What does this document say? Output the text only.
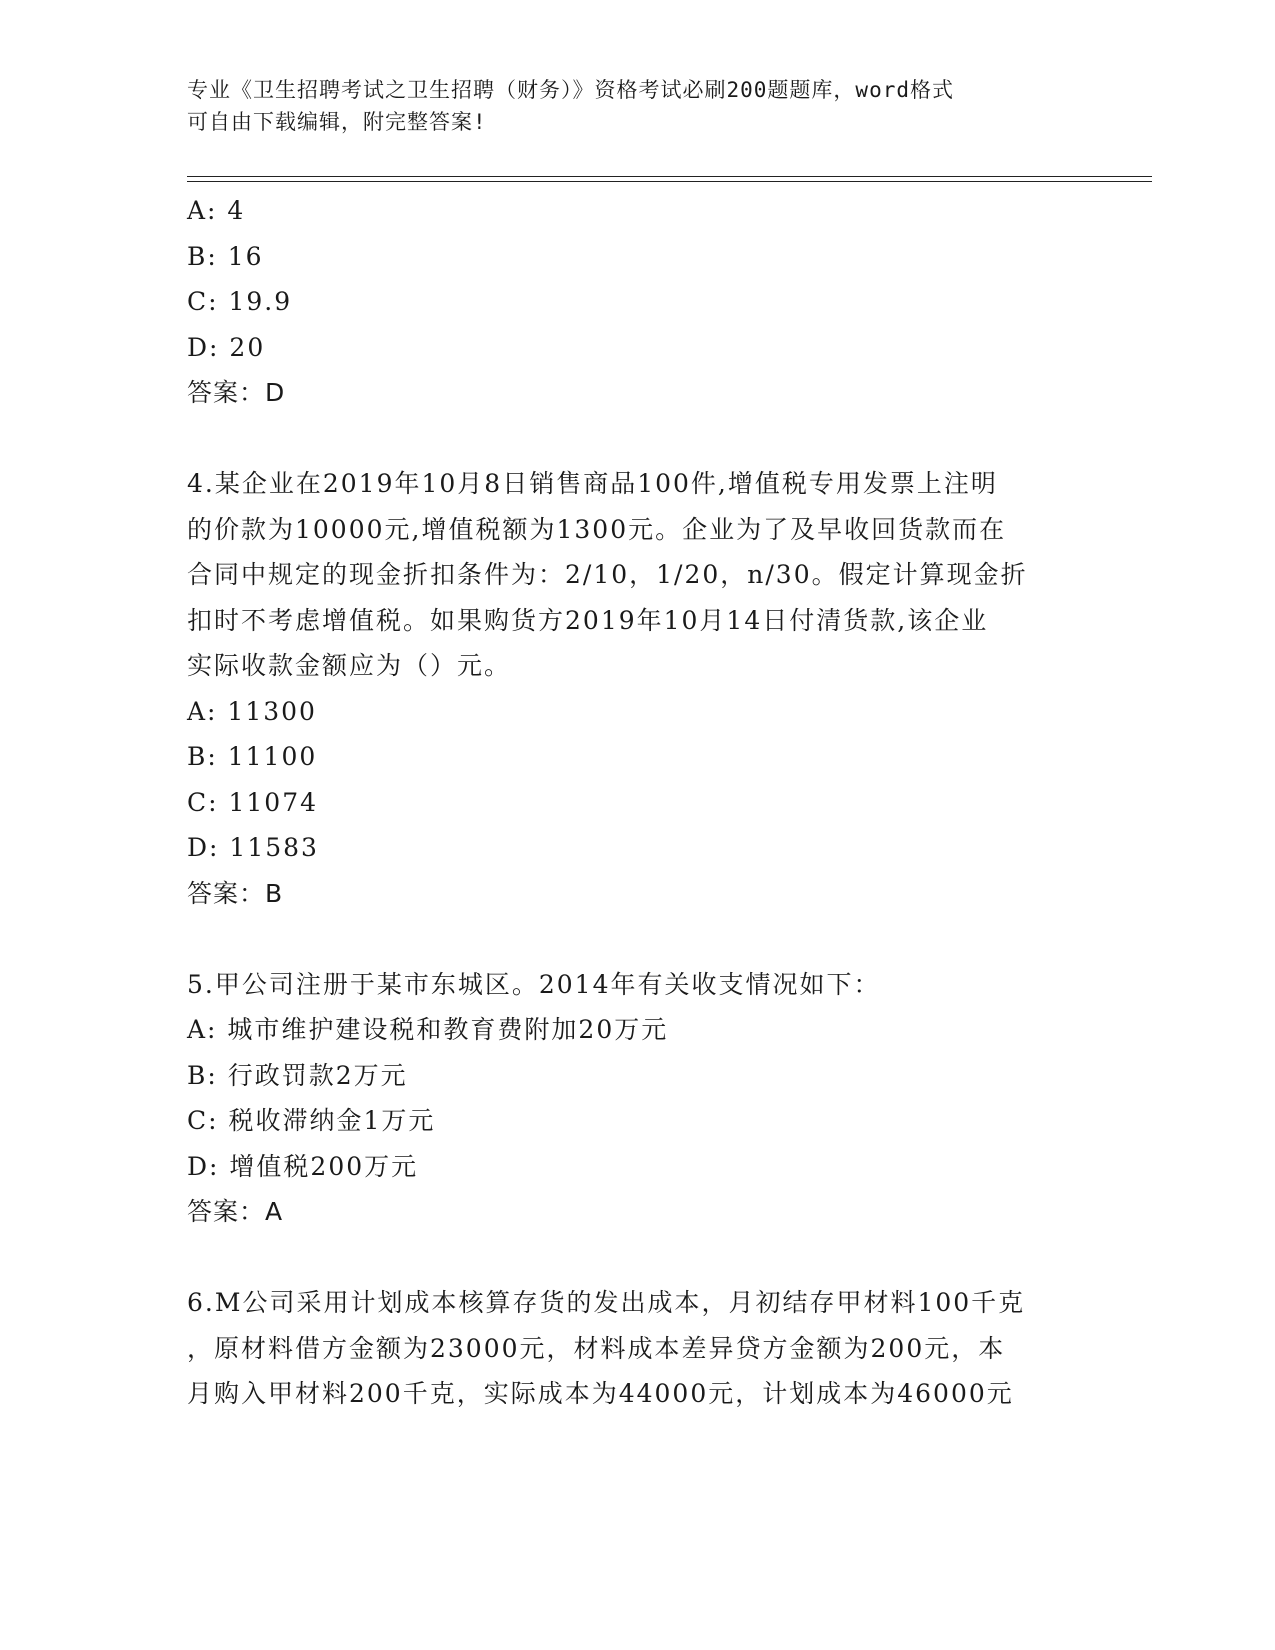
专业《卫生招聘考试之卫生招聘（财务）》资格考试必刷200题题库，word格式
可自由下载编辑，附完整答案!
A: 4
B: 16
C: 19.9
D: 20
答案：D
4.某企业在2019年10月8日销售商品100件,增值税专用发票上注明
的价款为10000元,增值税额为1300元。企业为了及早收回货款而在
合同中规定的现金折扣条件为：2/10，1/20，n/30。假定计算现金折
扣时不考虑增值税。如果购货方2019年10月14日付清货款,该企业
实际收款金额应为（）元。
A: 11300
B: 11100
C: 11074
D: 11583
答案：B
5.甲公司注册于某市东城区。2014年有关收支情况如下：
A: 城市维护建设税和教育费附加20万元
B: 行政罚款2万元
C: 税收滞纳金1万元
D: 增值税200万元
答案：A
6.M公司采用计划成本核算存货的发出成本，月初结存甲材料100千克
，原材料借方金额为23000元，材料成本差异贷方金额为200元，本
月购入甲材料200千克，实际成本为44000元，计划成本为46000元
